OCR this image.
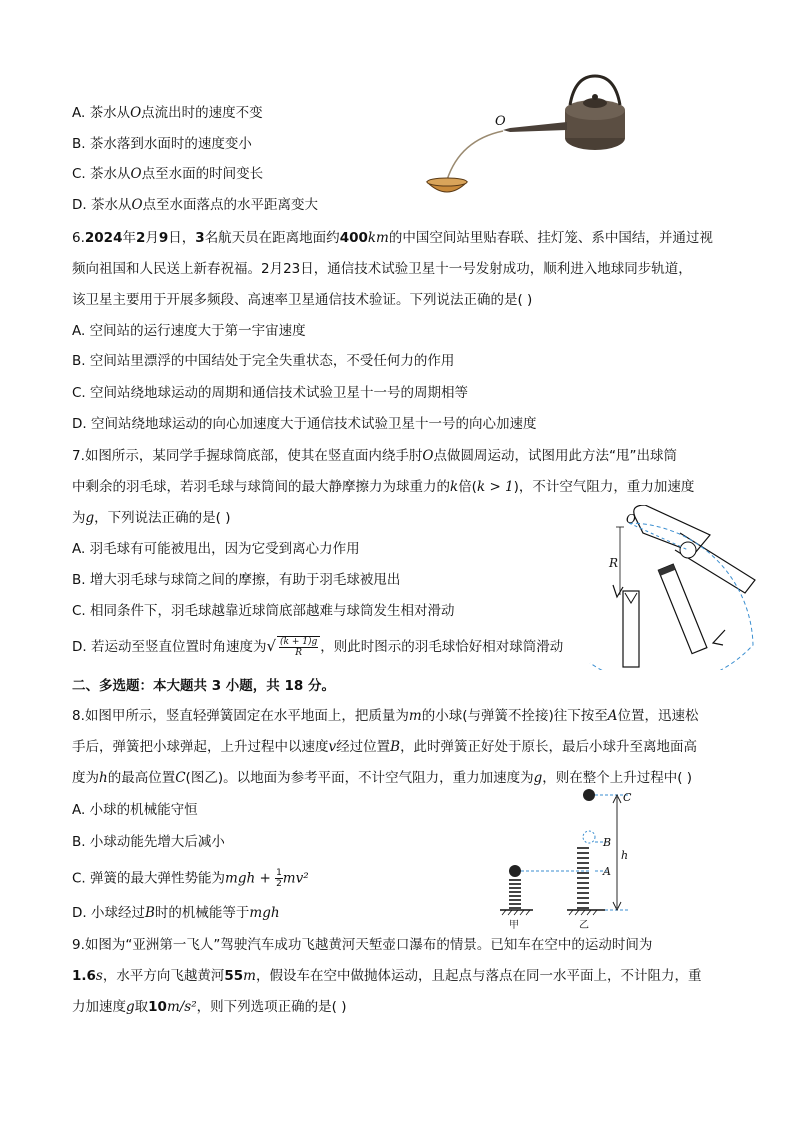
A. 茶水从O点流出时的速度不变
B. 茶水落到水面时的速度变小
C. 茶水从O点至水面的时间变长
D. 茶水从O点至水面落点的水平距离变大
O
6.2024年2月9日，3名航天员在距离地面约400km的中国空间站里贴春联、挂灯笼、系中国结，并通过视
频向祖国和人民送上新春祝福。2月23日，通信技术试验卫星十一号发射成功，顺利进入地球同步轨道，
该卫星主要用于开展多频段、高速率卫星通信技术验证。下列说法正确的是( )
A. 空间站的运行速度大于第一宇宙速度
B. 空间站里漂浮的中国结处于完全失重状态，不受任何力的作用
C. 空间站绕地球运动的周期和通信技术试验卫星十一号的周期相等
D. 空间站绕地球运动的向心加速度大于通信技术试验卫星十一号的向心加速度
7.如图所示，某同学手握球筒底部，使其在竖直面内绕手肘O点做圆周运动，试图用此方法“甩”出球筒
中剩余的羽毛球，若羽毛球与球筒间的最大静摩擦力为球重力的k倍(k > 1)，不计空气阻力，重力加速度
为g，下列说法正确的是( )
A. 羽毛球有可能被甩出，因为它受到离心力作用
B. 增大羽毛球与球筒之间的摩擦，有助于羽毛球被甩出
C. 相同条件下，羽毛球越靠近球筒底部越难与球筒发生相对滑动
D. 若运动至竖直位置时角速度为√ $\frac{(k + 1)g}{R}$ ，则此时图示的羽毛球恰好相对球筒滑动
O
R
二、多选题：本大题共 3 小题，共 18 分。
8.如图甲所示，竖直轻弹簧固定在水平地面上，把质量为m的小球(与弹簧不拴接)往下按至A位置，迅速松
手后，弹簧把小球弹起，上升过程中以速度v经过位置B，此时弹簧正好处于原长，最后小球升至离地面高
度为h的最高位置C(图乙)。以地面为参考平面，不计空气阻力，重力加速度为g，则在整个上升过程中( )
A. 小球的机械能守恒
B. 小球动能先增大后减小
C. 弹簧的最大弹性势能为mgh + $\frac{1}{2} mv^2$
D. 小球经过B时的机械能等于mgh
C
B
A
h
甲	乙
9.如图为“亚洲第一飞人”驾驶汽车成功飞越黄河天堑壶口瀑布的情景。已知车在空中的运动时间为
1.6s，水平方向飞越黄河55m，假设车在空中做抛体运动，且起点与落点在同一水平面上，不计阻力，重
力加速度g取10m/s²，则下列选项正确的是( )
